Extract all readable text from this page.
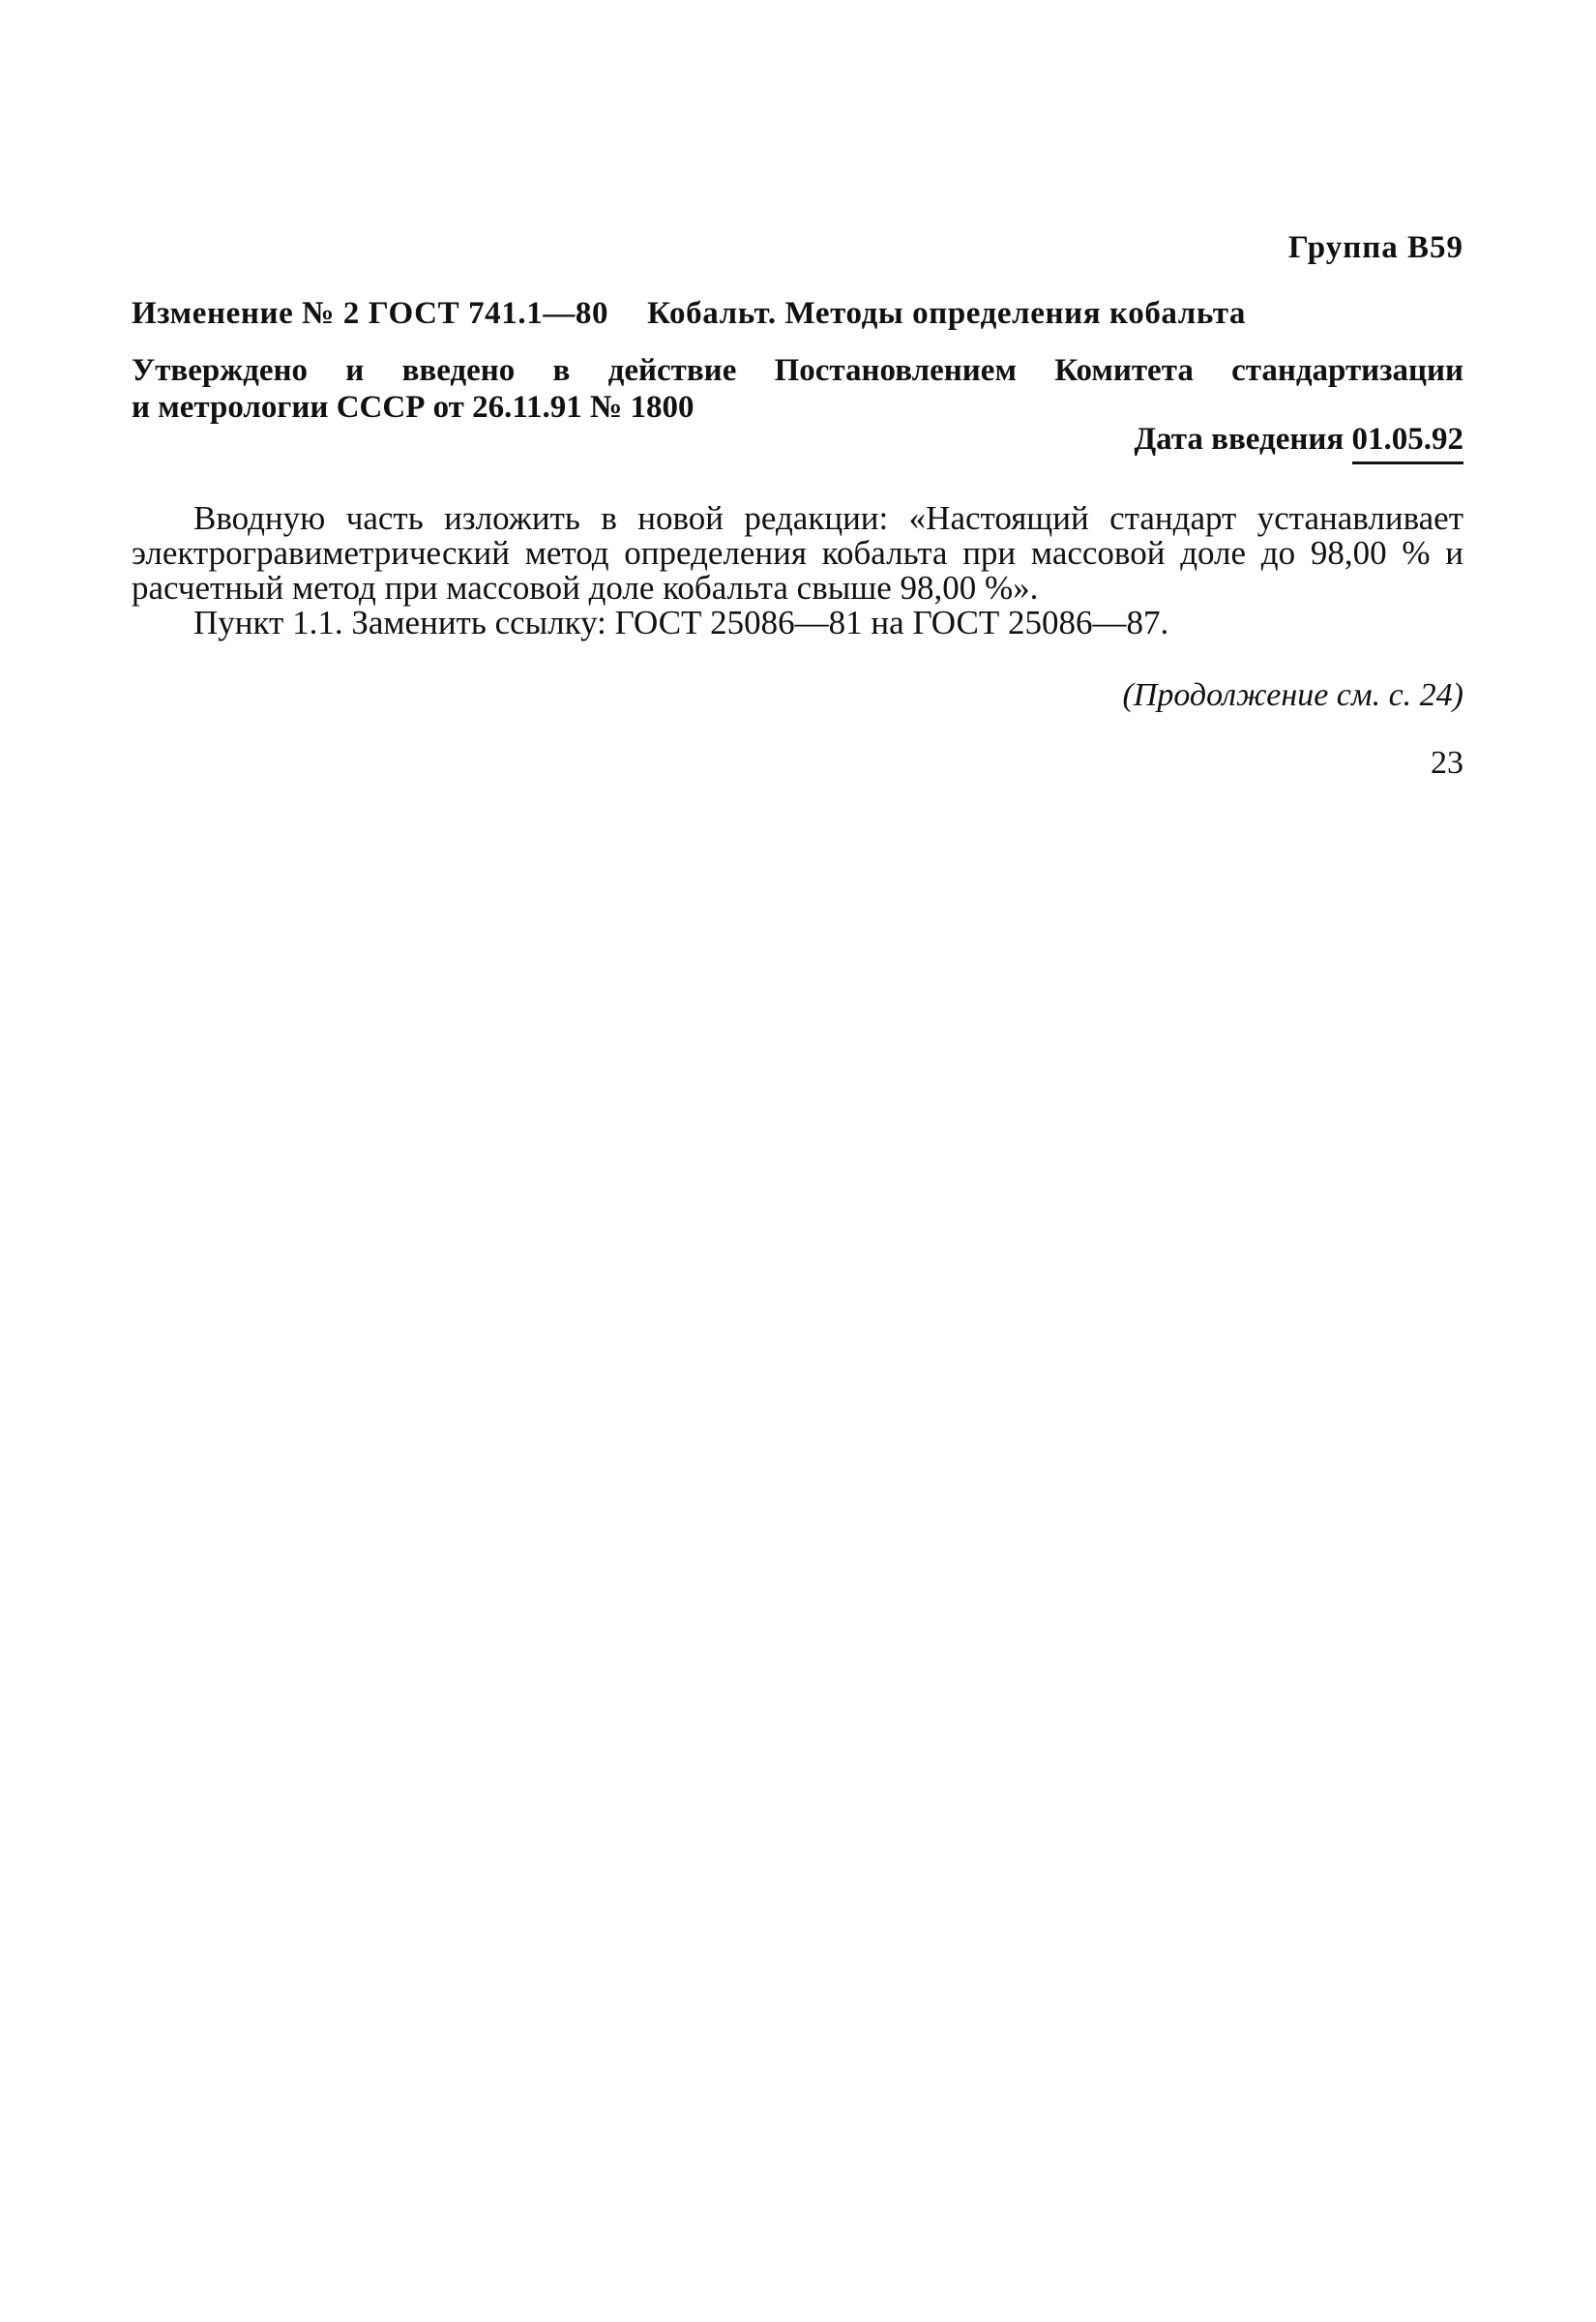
Группа В59
Изменение № 2 ГОСТ 741.1—80 Кобальт. Методы определения кобальта
Утверждено и введено в действие Постановлением Комитета стандартизации
и метрологии СССР от 26.11.91 № 1800
Дата введения 01.05.92

Вводную часть изложить в новой редакции: «Настоящий стандарт устанавливает электрогравиметрический метод определения кобальта при массовой доле до 98,00 % и расчетный метод при массовой доле кобальта свыше 98,00 %».

Пункт 1.1. Заменить ссылку: ГОСТ 25086—81 на ГОСТ 25086—87.

(Продолжение см. с. 24)
23
